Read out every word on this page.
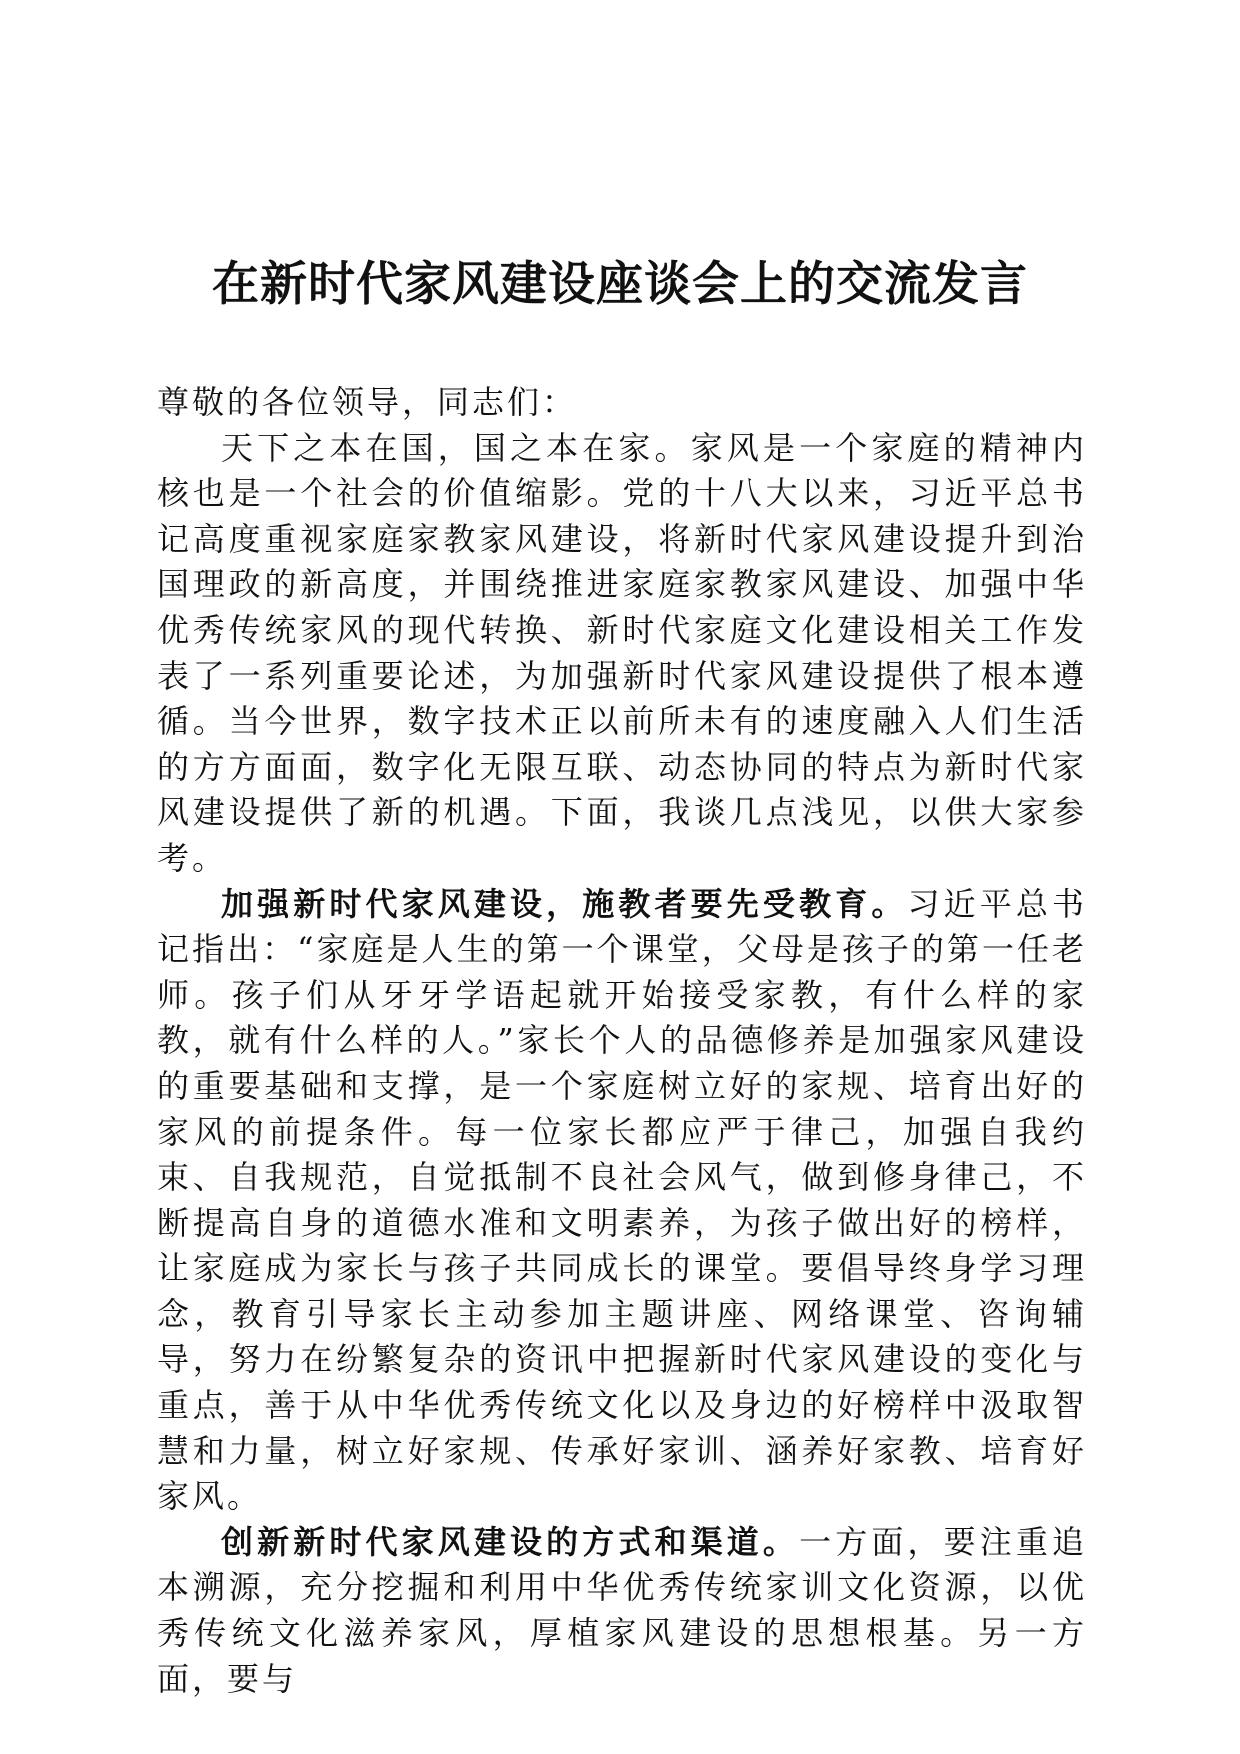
在新时代家风建设座谈会上的交流发言

尊敬的各位领导，同志们：

天下之本在国，国之本在家。家风是一个家庭的精神内核也是一个社会的价值缩影。党的十八大以来，习近平总书记高度重视家庭家教家风建设，将新时代家风建设提升到治国理政的新高度，并围绕推进家庭家教家风建设、加强中华优秀传统家风的现代转换、新时代家庭文化建设相关工作发表了一系列重要论述，为加强新时代家风建设提供了根本遵循。当今世界，数字技术正以前所未有的速度融入人们生活的方方面面，数字化无限互联、动态协同的特点为新时代家风建设提供了新的机遇。下面，我谈几点浅见，以供大家参考。

加强新时代家风建设，施教者要先受教育。习近平总书记指出：“家庭是人生的第一个课堂，父母是孩子的第一任老师。孩子们从牙牙学语起就开始接受家教，有什么样的家教，就有什么样的人。”家长个人的品德修养是加强家风建设的重要基础和支撑，是一个家庭树立好的家规、培育出好的家风的前提条件。每一位家长都应严于律己，加强自我约束、自我规范，自觉抵制不良社会风气，做到修身律己，不断提高自身的道德水准和文明素养，为孩子做出好的榜样，让家庭成为家长与孩子共同成长的课堂。要倡导终身学习理念，教育引导家长主动参加主题讲座、网络课堂、咨询辅导，努力在纷繁复杂的资讯中把握新时代家风建设的变化与重点，善于从中华优秀传统文化以及身边的好榜样中汲取智慧和力量，树立好家规、传承好家训、涵养好家教、培育好家风。

创新新时代家风建设的方式和渠道。一方面，要注重追本溯源，充分挖掘和利用中华优秀传统家训文化资源，以优秀传统文化滋养家风，厚植家风建设的思想根基。另一方面，要与
